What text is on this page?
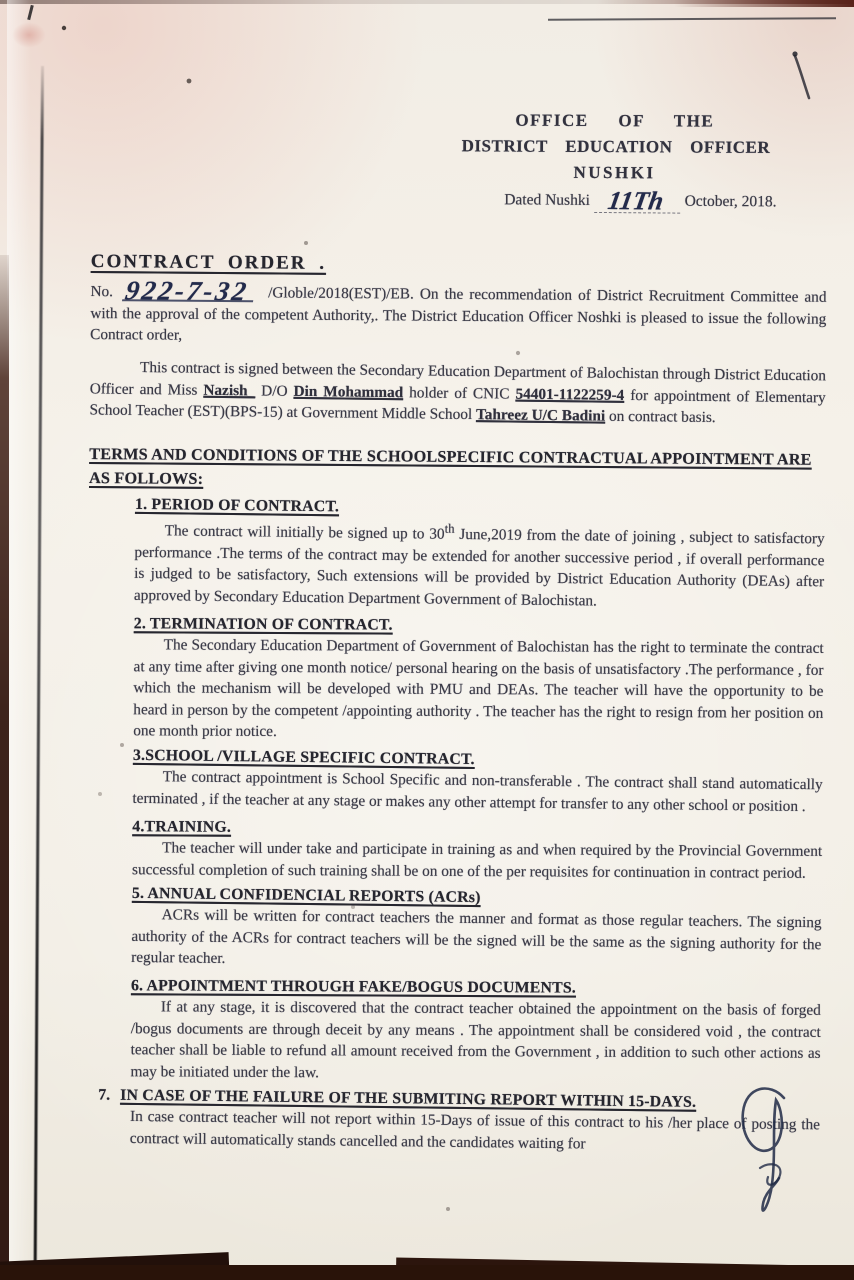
OFFICE OF THE
DISTRICT EDUCATION OFFICER
NUSHKI
Dated Nushki 11Th October, 2018.
CONTRACT ORDER .

No. 922-7-32 /Globle/2018(EST)/EB. On the recommendation of District Recruitment Committee and with the approval of the competent Authority,. The District Education Officer Noshki is pleased to issue the following Contract order,

This contract is signed between the Secondary Education Department of Balochistan through District Education Officer and Miss Nazish_ D/O Din Mohammad holder of CNIC 54401-1122259-4 for appointment of Elementary School Teacher (EST)(BPS-15) at Government Middle School Tahreez U/C Badini on contract basis.

TERMS AND CONDITIONS OF THE SCHOOLSPECIFIC CONTRACTUAL APPOINTMENT ARE AS FOLLOWS:
1. PERIOD OF CONTRACT.

The contract will initially be signed up to 30th June,2019 from the date of joining , subject to satisfactory performance .The terms of the contract may be extended for another successive period , if overall performance is judged to be satisfactory, Such extensions will be provided by District Education Authority (DEAs) after approved by Secondary Education Department Government of Balochistan.

2. TERMINATION OF CONTRACT.

The Secondary Education Department of Government of Balochistan has the right to terminate the contract at any time after giving one month notice/ personal hearing on the basis of unsatisfactory .The performance , for which the mechanism will be developed with PMU and DEAs. The teacher will have the opportunity to be heard in person by the competent /appointing authority . The teacher has the right to resign from her position on one month prior notice.

3.SCHOOL /VILLAGE SPECIFIC CONTRACT.

The contract appointment is School Specific and non-transferable . The contract shall stand automatically terminated , if the teacher at any stage or makes any other attempt for transfer to any other school or position .

4.TRAINING.

The teacher will under take and participate in training as and when required by the Provincial Government successful completion of such training shall be on one of the per requisites for continuation in contract period.

5. ANNUAL CONFIDENCIAL REPORTS (ACRs)

ACRs will be written for contract teachers the manner and format as those regular teachers. The signing authority of the ACRs for contract teachers will be the signed will be the same as the signing authority for the regular teacher.

6. APPOINTMENT THROUGH FAKE/BOGUS DOCUMENTS.

If at any stage, it is discovered that the contract teacher obtained the appointment on the basis of forged /bogus documents are through deceit by any means . The appointment shall be considered void , the contract teacher shall be liable to refund all amount received from the Government , in addition to such other actions as may be initiated under the law.

7. IN CASE OF THE FAILURE OF THE SUBMITING REPORT WITHIN 15-DAYS.

In case contract teacher will not report within 15-Days of issue of this contract to his /her place of posting the contract will automatically stands cancelled and the candidates waiting for
